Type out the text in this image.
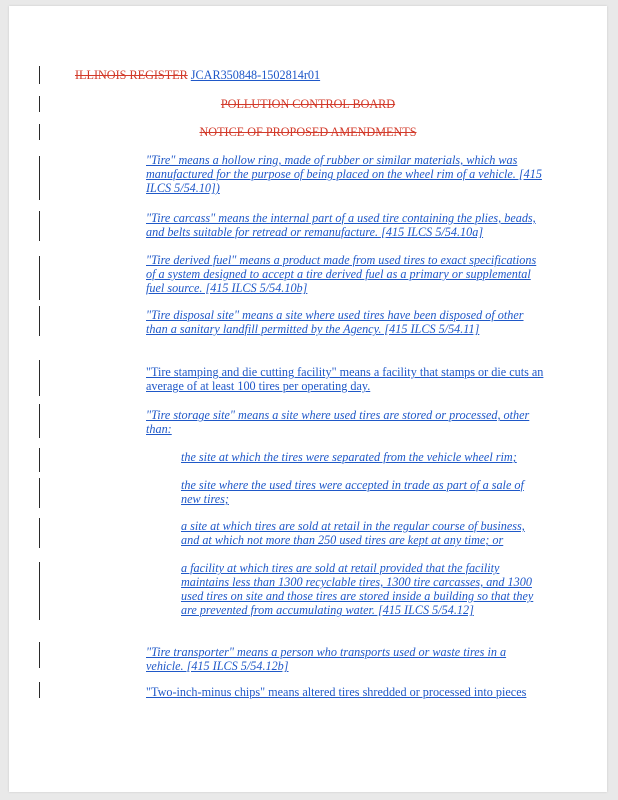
ILLINOIS REGISTER JCAR350848-1502814r01
POLLUTION CONTROL BOARD
NOTICE OF PROPOSED AMENDMENTS
"Tire" means a hollow ring, made of rubber or similar materials, which was
manufactured for the purpose of being placed on the wheel rim of a vehicle. [415
ILCS 5/54.10])
"Tire carcass" means the internal part of a used tire containing the plies, beads,
and belts suitable for retread or remanufacture. [415 ILCS 5/54.10a]
"Tire derived fuel" means a product made from used tires to exact specifications
of a system designed to accept a tire derived fuel as a primary or supplemental
fuel source. [415 ILCS 5/54.10b]
"Tire disposal site" means a site where used tires have been disposed of other
than a sanitary landfill permitted by the Agency. [415 ILCS 5/54.11]
"Tire stamping and die cutting facility" means a facility that stamps or die cuts an
average of at least 100 tires per operating day.
"Tire storage site" means a site where used tires are stored or processed, other
than:
the site at which the tires were separated from the vehicle wheel rim;
the site where the used tires were accepted in trade as part of a sale of
new tires;
a site at which tires are sold at retail in the regular course of business,
and at which not more than 250 used tires are kept at any time; or
a facility at which tires are sold at retail provided that the facility
maintains less than 1300 recyclable tires, 1300 tire carcasses, and 1300
used tires on site and those tires are stored inside a building so that they
are prevented from accumulating water. [415 ILCS 5/54.12]
"Tire transporter" means a person who transports used or waste tires in a
vehicle. [415 ILCS 5/54.12b]
"Two-inch-minus chips" means altered tires shredded or processed into pieces
